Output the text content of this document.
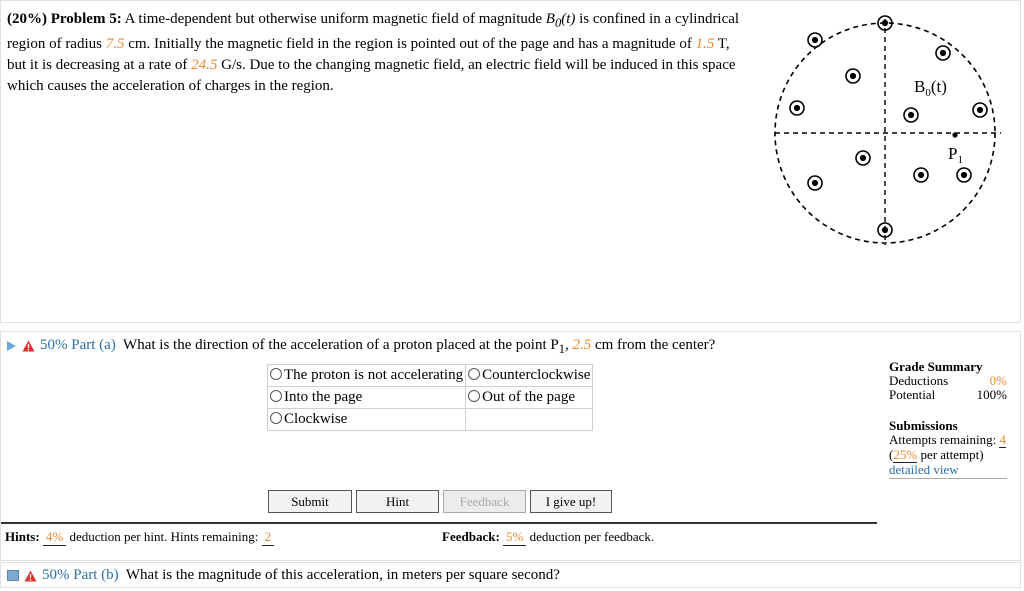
(20%) Problem 5: A time-dependent but otherwise uniform magnetic field of magnitude $B_0(t)$ is confined in a cylindrical region of radius 7.5 cm. Initially the magnetic field in the region is pointed out of the page and has a magnitude of 1.5 T, but it is decreasing at a rate of 24.5 G/s. Due to the changing magnetic field, an electric field will be induced in this space which causes the acceleration of charges in the region.	$B_0(t)$
$P_1$
50% Part (a) What is the direction of the acceleration of a proton placed at the point $P_1$, 2.5 cm from the center?
The proton is not accelerating	Counterclockwise
Into the page	Out of the page
Clockwise	
Submit	Hint	Feedback	I give up!
Hints: 4% deduction per hint. Hints remaining: 2	Feedback: 5% deduction per feedback.
Grade Summary
Deductions	0%
Potential	100%
Submissions
Attempts remaining: 4
(25% per attempt)
detailed view
50% Part (b) What is the magnitude of this acceleration, in meters per square second?
